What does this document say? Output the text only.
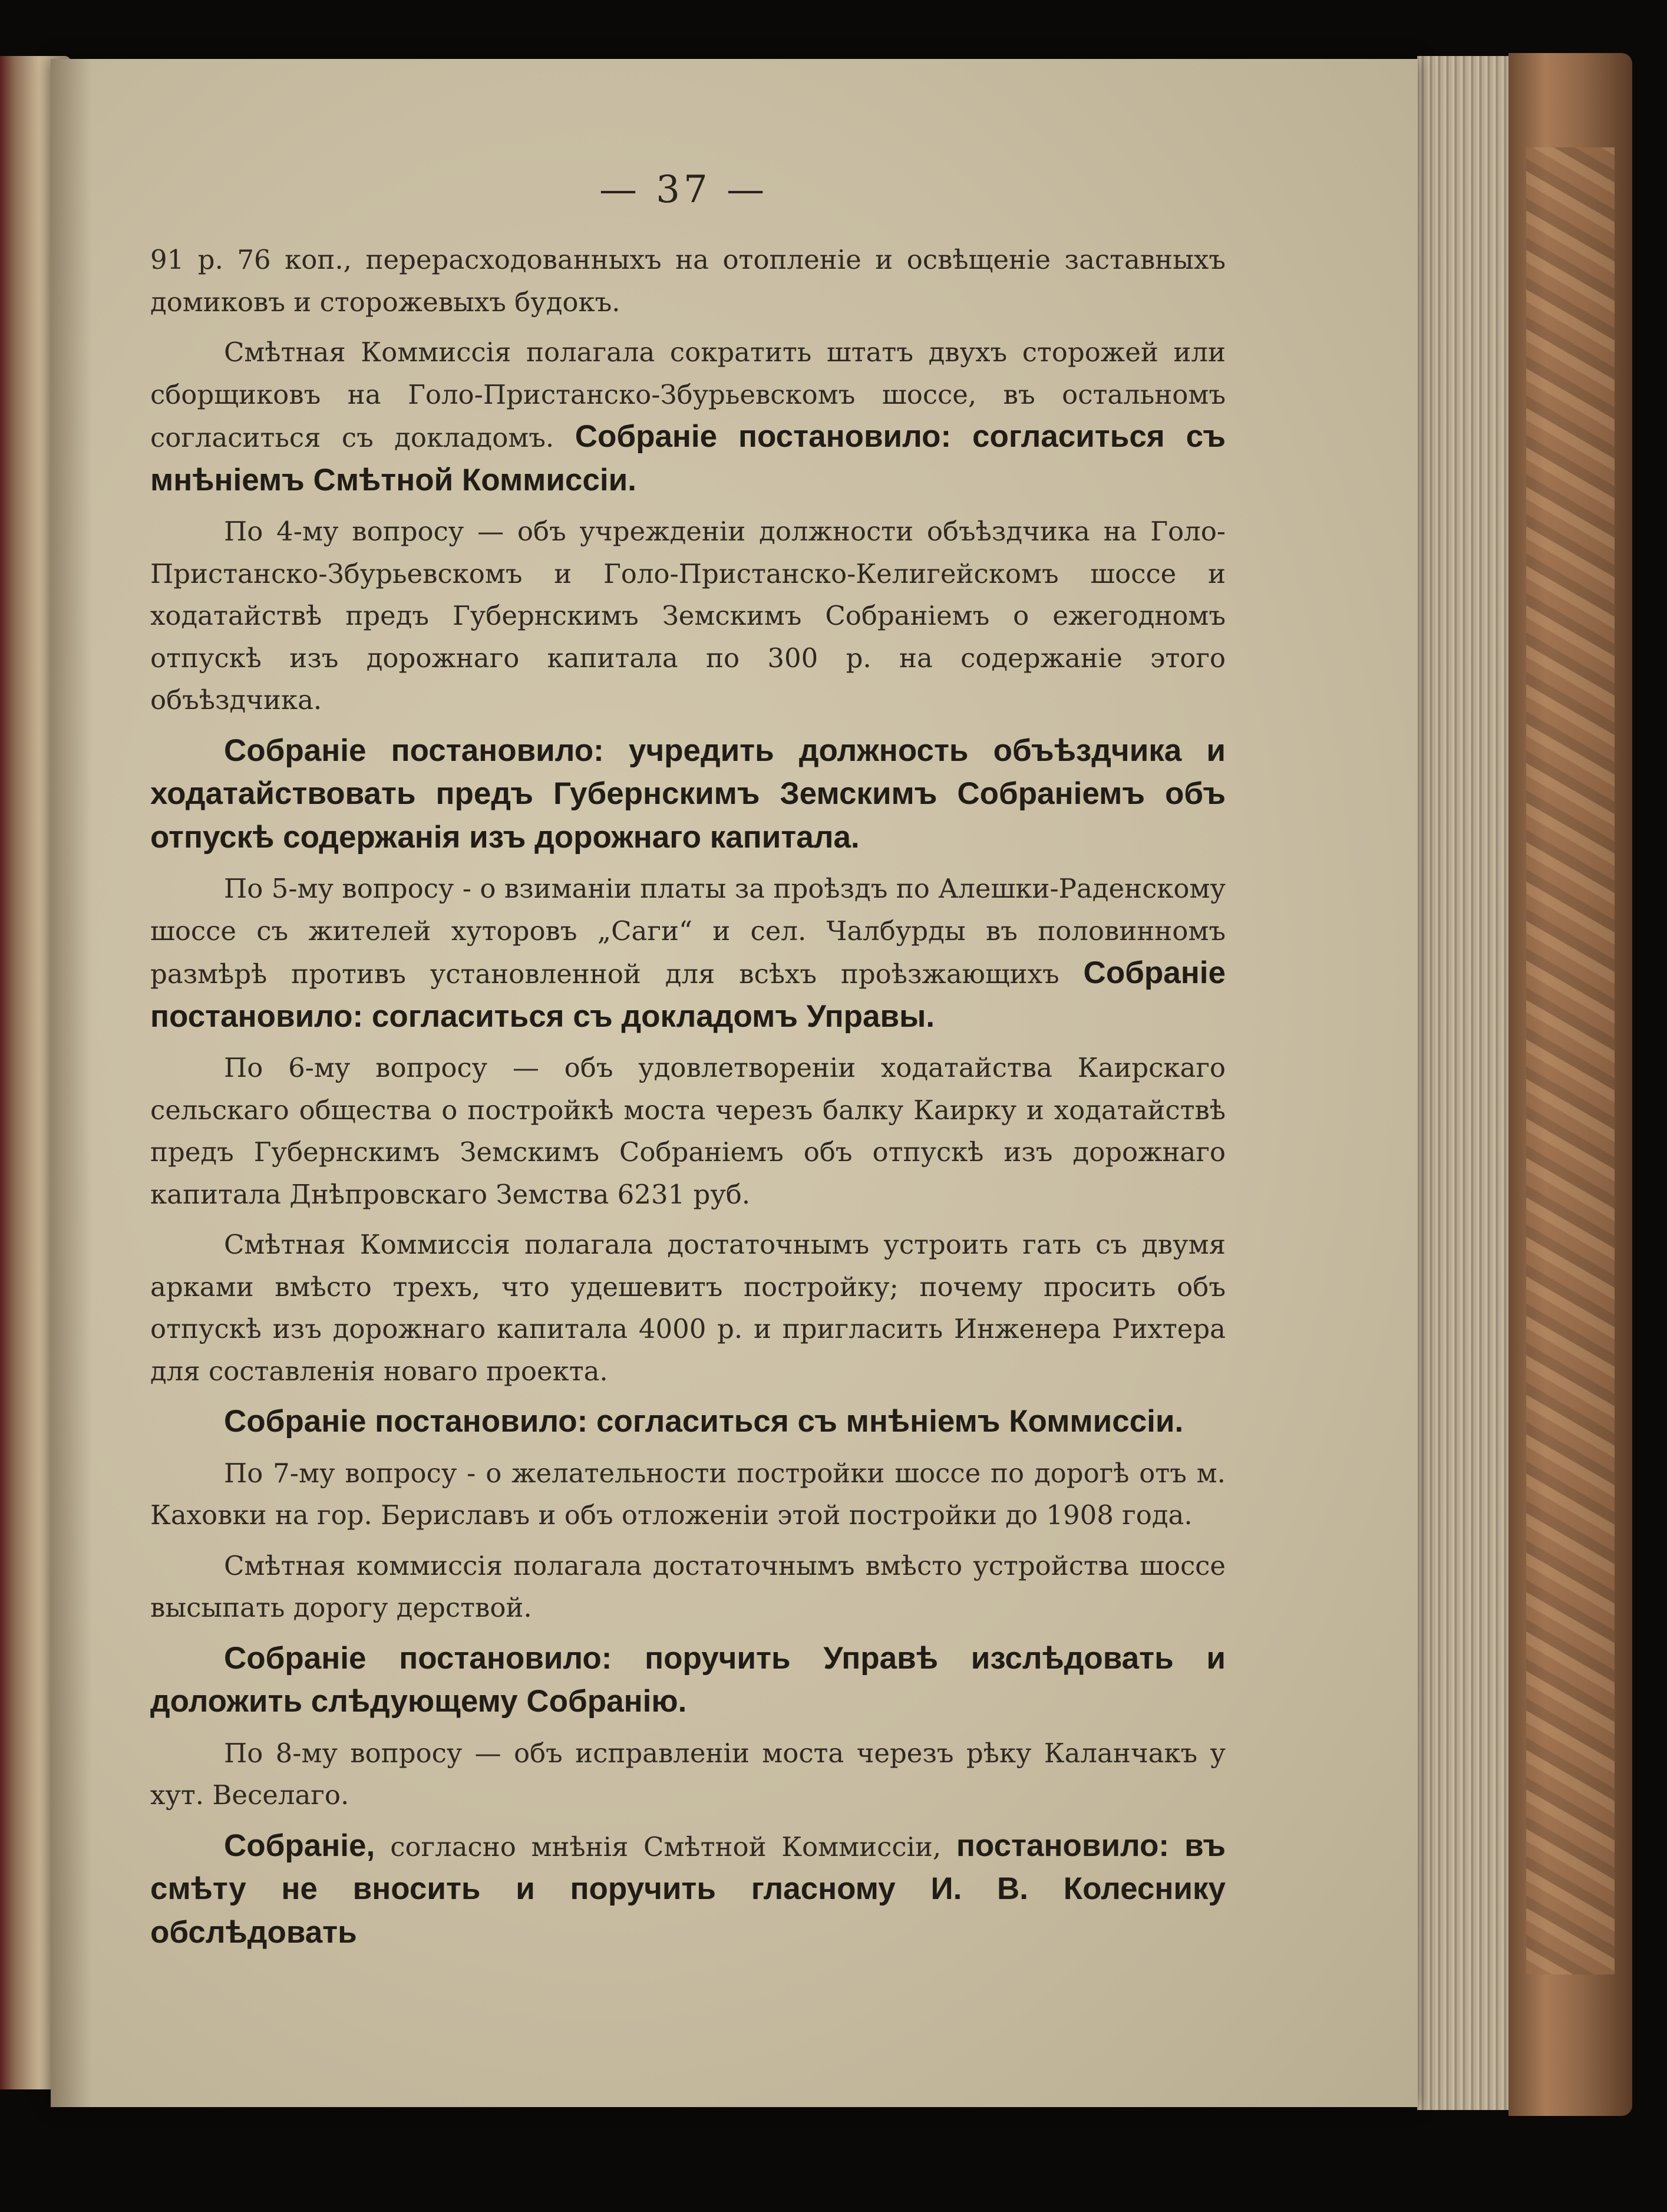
— 37 —

91 р. 76 коп., перерасходованныхъ на отопленіе и освѣщеніе заставныхъ домиковъ и сторожевыхъ будокъ.

Смѣтная Коммиссія полагала сократить штатъ двухъ сторожей или сборщиковъ на Голо-Пристанско-Збурьевскомъ шоссе, въ остальномъ согласиться съ докладомъ. Собраніе постановило: согласиться съ мнѣніемъ Смѣтной Коммиссіи.

По 4-му вопросу — объ учрежденіи должности объѣздчика на Голо-Пристанско-Збурьевскомъ и Голо-Пристанско-Келигейскомъ шоссе и ходатайствѣ предъ Губернскимъ Земскимъ Собраніемъ о ежегодномъ отпускѣ изъ дорожнаго капитала по 300 р. на содержаніе этого объѣздчика.

Собраніе постановило: учредить должность объѣздчика и ходатайствовать предъ Губернскимъ Земскимъ Собраніемъ объ отпускѣ содержанія изъ дорожнаго капитала.

По 5-му вопросу - о взиманіи платы за проѣздъ по Алешки-Раденскому шоссе съ жителей хуторовъ „Саги“ и сел. Чалбурды въ половинномъ размѣрѣ противъ установленной для всѣхъ проѣзжающихъ Собраніе постановило: согласиться съ докладомъ Управы.

По 6-му вопросу — объ удовлетвореніи ходатайства Каирскаго сельскаго общества о постройкѣ моста черезъ балку Каирку и ходатайствѣ предъ Губернскимъ Земскимъ Собраніемъ объ отпускѣ изъ дорожнаго капитала Днѣпровскаго Земства 6231 руб.

Смѣтная Коммиссія полагала достаточнымъ устроить гать съ двумя арками вмѣсто трехъ, что удешевитъ постройку; почему просить объ отпускѣ изъ дорожнаго капитала 4000 р. и пригласить Инженера Рихтера для составленія новаго проекта.

Собраніе постановило: согласиться съ мнѣніемъ Коммиссіи.

По 7-му вопросу - о желательности постройки шоссе по дорогѣ отъ м. Каховки на гор. Бериславъ и объ отложеніи этой постройки до 1908 года.

Смѣтная коммиссія полагала достаточнымъ вмѣсто устройства шоссе высыпать дорогу дерствой.

Собраніе постановило: поручить Управѣ изслѣдовать и доложить слѣдующему Собранію.

По 8-му вопросу — объ исправленіи моста черезъ рѣку Каланчакъ у хут. Веселаго.

Собраніе, согласно мнѣнія Смѣтной Коммиссіи, постановило: въ смѣту не вносить и поручить гласному И. В. Колеснику обслѣдовать
